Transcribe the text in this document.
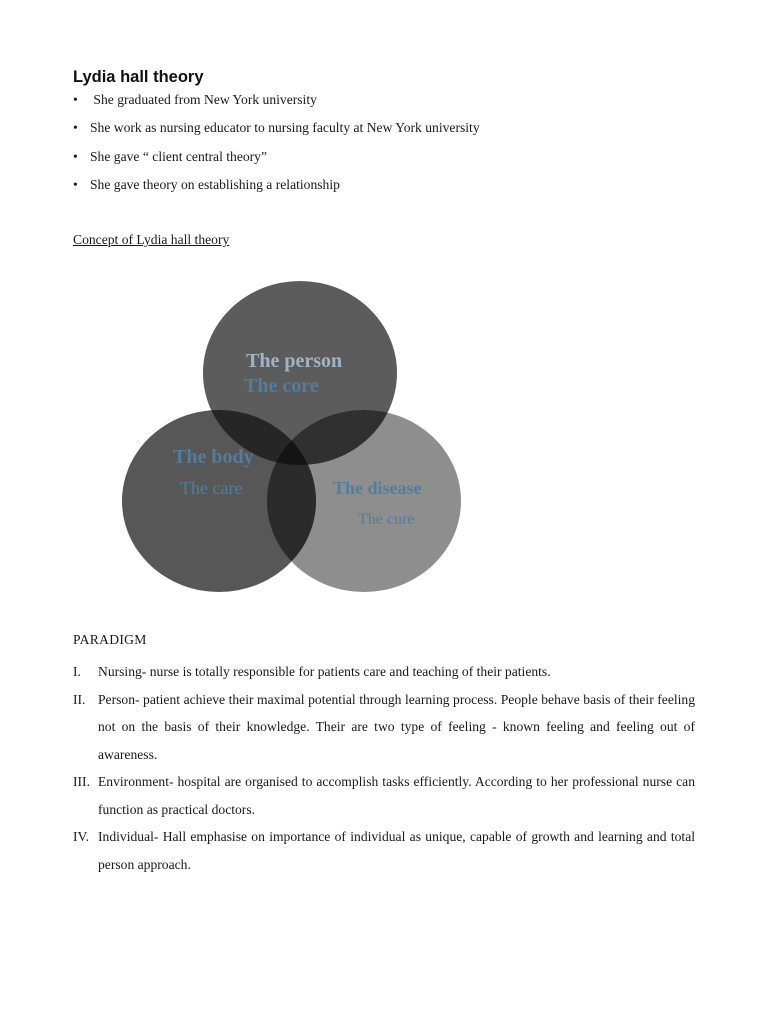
Lydia hall theory
•  She graduated from New York university
• She work as nursing educator to nursing faculty at New York university
• She gave “ client central theory”
• She gave theory on establishing a relationship

Concept of Lydia hall theory

The person
The core
The body
The care	The disease
The cure

PARADIGM

I.	Nursing- nurse is totally responsible for patients care and teaching of their patients.
II. Person- patient achieve their maximal potential through learning process. People behave basis of their feeling not on the basis of their knowledge. Their are two type of feeling - known feeling and feeling out of awareness.
III. Environment- hospital are organised to accomplish tasks efficiently. According to her professional nurse can function as practical doctors.
IV. Individual- Hall emphasise on importance of individual as unique, capable of growth and learning and total person approach.
